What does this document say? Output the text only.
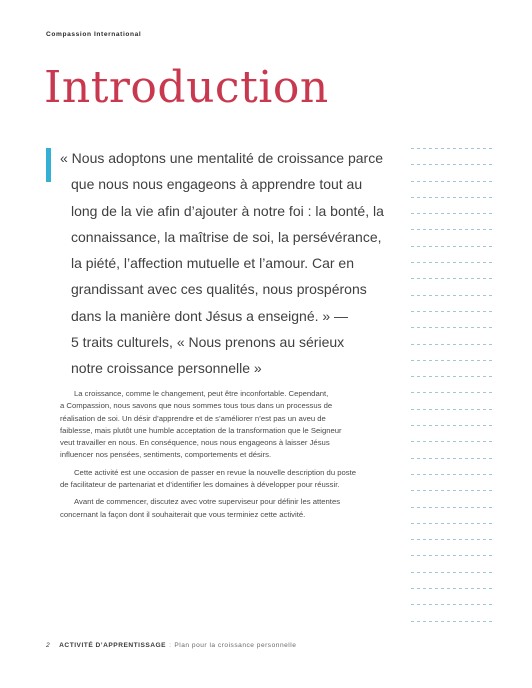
Compassion International
Introduction
« Nous adoptons une mentalité de croissance parce
que nous nous engageons à apprendre tout au
long de la vie afin d’ajouter à notre foi : la bonté, la
connaissance, la maîtrise de soi, la persévérance,
la piété, l’affection mutuelle et l’amour. Car en
grandissant avec ces qualités, nous prospérons
dans la manière dont Jésus a enseigné. » —
5 traits culturels, « Nous prenons au sérieux
notre croissance personnelle »
La croissance, comme le changement, peut être inconfortable. Cependant,
a Compassion, nous savons que nous sommes tous tous dans un processus de
réalisation de soi. Un désir d’apprendre et de s’améliorer n’est pas un aveu de
faiblesse, mais plutôt une humble acceptation de la transformation que le Seigneur
veut travailler en nous. En conséquence, nous nous engageons à laisser Jésus
influencer nos pensées, sentiments, comportements et désirs.
Cette activité est une occasion de passer en revue la nouvelle description du poste
de facilitateur de partenariat et d’identifier les domaines à développer pour réussir.
Avant de commencer, discutez avec votre superviseur pour définir les attentes
concernant la façon dont il souhaiterait que vous terminiez cette activité.
2 ACTIVITÉ D’APPRENTISSAGE : Plan pour la croissance personnelle
